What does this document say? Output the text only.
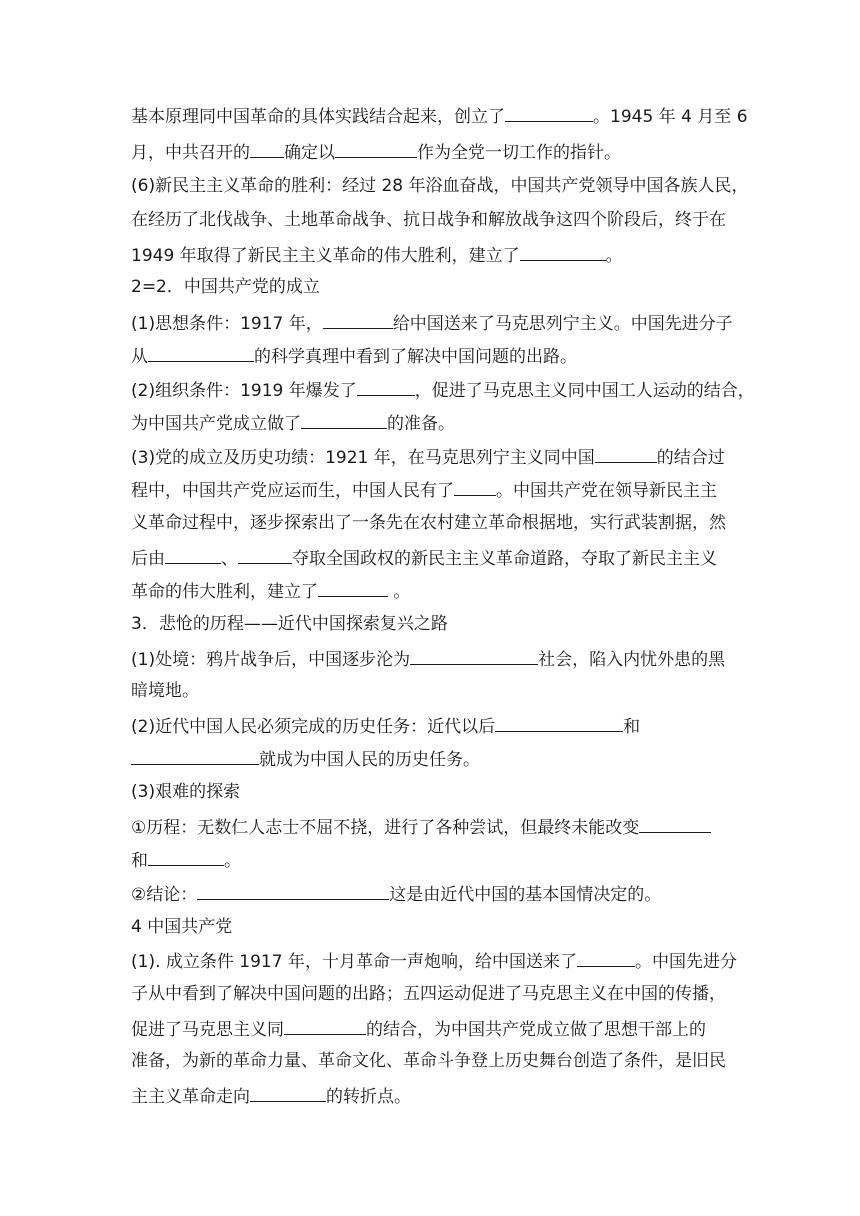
基本原理同中国革命的具体实践结合起来，创立了	。1945 年 4 月至 6
月，中共召开的 确定以	作为全党一切工作的指针。
(6)新民主主义革命的胜利：经过 28 年浴血奋战，中国共产党领导中国各族人民，
在经历了北伐战争、土地革命战争、抗日战争和解放战争这四个阶段后，终于在
1949 年取得了新民主主义革命的伟大胜利，建立了	。
2=2．中国共产党的成立
(1)思想条件：1917 年，	给中国送来了马克思列宁主义。中国先进分子
从	的科学真理中看到了解决中国问题的出路。
(2)组织条件：1919 年爆发了	，促进了马克思主义同中国工人运动的结合，
为中国共产党成立做了	的准备。
(3)党的成立及历史功绩：1921 年，在马克思列宁主义同中国	的结合过
程中，中国共产党应运而生，中国人民有了 。中国共产党在领导新民主主
义革命过程中，逐步探索出了一条先在农村建立革命根据地，实行武装割据，然
后由	、	夺取全国政权的新民主主义革命道路，夺取了新民主主义
革命的伟大胜利，建立了	。
3．悲怆的历程——近代中国探索复兴之路
(1)处境：鸦片战争后，中国逐步沦为	社会，陷入内忧外患的黑
暗境地。
(2)近代中国人民必须完成的历史任务：近代以后	和
就成为中国人民的历史任务。
(3)艰难的探索
①历程：无数仁人志士不屈不挠，进行了各种尝试，但最终未能改变
和	。
②结论：	这是由近代中国的基本国情决定的。
4 中国共产党
(1). 成立条件 1917 年，十月革命一声炮响，给中国送来了	。中国先进分
子从中看到了解决中国问题的出路；五四运动促进了马克思主义在中国的传播，
促进了马克思主义同	的结合，为中国共产党成立做了思想干部上的
准备，为新的革命力量、革命文化、革命斗争登上历史舞台创造了条件，是旧民
主主义革命走向	的转折点。
